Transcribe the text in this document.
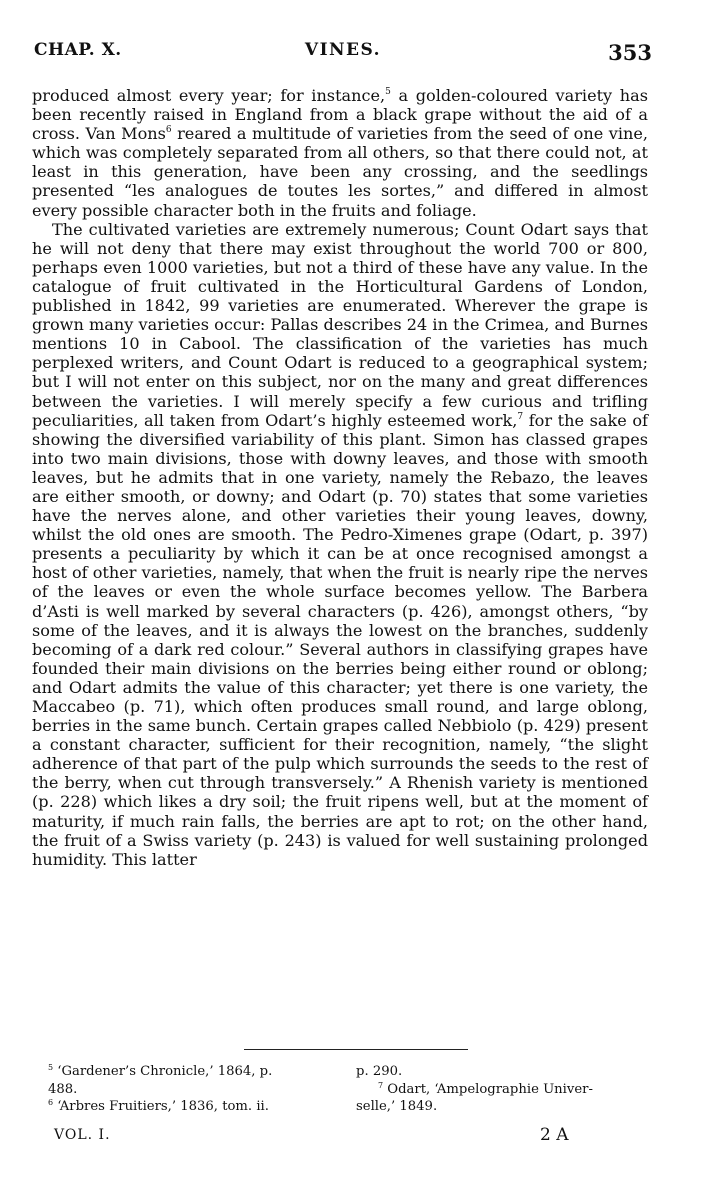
CHAP. X.	VINES.	353

produced almost every year; for instance,$^5$ a golden-coloured variety has been recently raised in England from a black grape without the aid of a cross. Van Mons$^6$ reared a multitude of varieties from the seed of one vine, which was completely separated from all others, so that there could not, at least in this generation, have been any crossing, and the seedlings presented “les analogues de toutes les sortes,” and differed in almost every possible character both in the fruits and foliage.

The cultivated varieties are extremely numerous; Count Odart says that he will not deny that there may exist throughout the world 700 or 800, perhaps even 1000 varieties, but not a third of these have any value. In the catalogue of fruit cultivated in the Horticultural Gardens of London, published in 1842, 99 varieties are enumerated. Wherever the grape is grown many varieties occur: Pallas describes 24 in the Crimea, and Burnes mentions 10 in Cabool. The classification of the varieties has much perplexed writers, and Count Odart is reduced to a geographical system; but I will not enter on this subject, nor on the many and great differences between the varieties. I will merely specify a few curious and trifling peculiarities, all taken from Odart’s highly esteemed work,$^7$ for the sake of showing the diversified variability of this plant. Simon has classed grapes into two main divisions, those with downy leaves, and those with smooth leaves, but he admits that in one variety, namely the Rebazo, the leaves are either smooth, or downy; and Odart (p. 70) states that some varieties have the nerves alone, and other varieties their young leaves, downy, whilst the old ones are smooth. The Pedro-Ximenes grape (Odart, p. 397) presents a peculiarity by which it can be at once recognised amongst a host of other varieties, namely, that when the fruit is nearly ripe the nerves of the leaves or even the whole surface becomes yellow. The Barbera d’Asti is well marked by several characters (p. 426), amongst others, “by some of the leaves, and it is always the lowest on the branches, suddenly becoming of a dark red colour.” Several authors in classifying grapes have founded their main divisions on the berries being either round or oblong; and Odart admits the value of this character; yet there is one variety, the Maccabeo (p. 71), which often produces small round, and large oblong, berries in the same bunch. Certain grapes called Nebbiolo (p. 429) present a constant character, sufficient for their recognition, namely, “the slight adherence of that part of the pulp which surrounds the seeds to the rest of the berry, when cut through transversely.” A Rhenish variety is mentioned (p. 228) which likes a dry soil; the fruit ripens well, but at the moment of maturity, if much rain falls, the berries are apt to rot; on the other hand, the fruit of a Swiss variety (p. 243) is valued for well sustaining prolonged humidity. This latter

$^5$ ‘Gardener’s Chronicle,’ 1864, p.
488.
$^6$ ‘Arbres Fruitiers,’ 1836, tom. ii.
p. 290.
$^7$ Odart, ‘Ampelographie Univer-
selle,’ 1849.
VOL. I.	2 A
